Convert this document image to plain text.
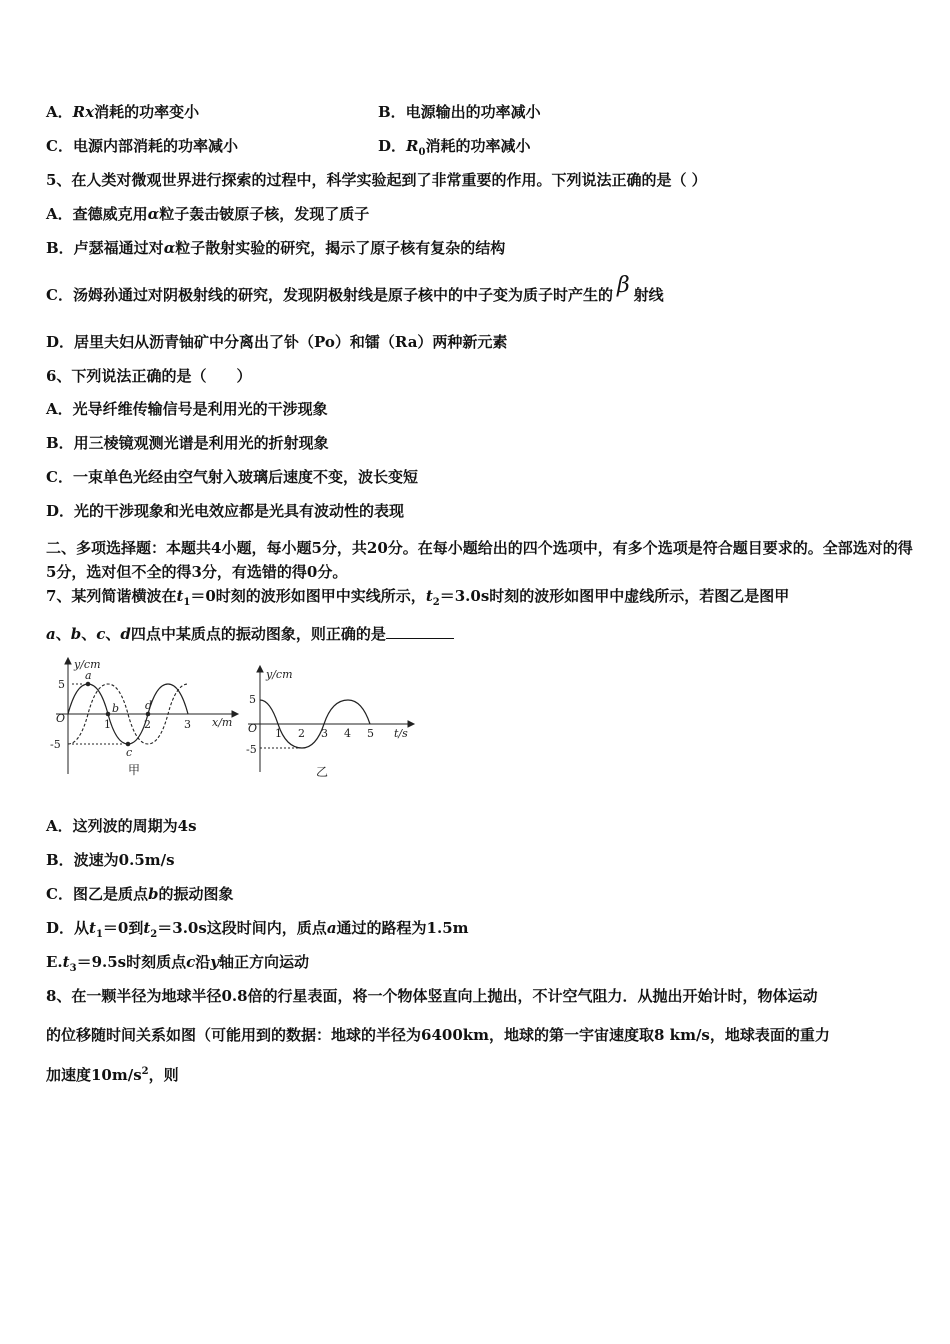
A．Rx消耗的功率变小	B．电源输出的功率减小
C．电源内部消耗的功率减小	D．$R_0$消耗的功率减小
5、在人类对微观世界进行探索的过程中，科学实验起到了非常重要的作用。下列说法正确的是（ ）
A．查德威克用α粒子轰击铍原子核，发现了质子
B．卢瑟福通过对α粒子散射实验的研究，揭示了原子核有复杂的结构
C．汤姆孙通过对阴极射线的研究，发现阴极射线是原子核中的中子变为质子时产生的 β 射线
D．居里夫妇从沥青铀矿中分离出了钋（Po）和镭（Ra）两种新元素
6、下列说法正确的是（　　）
A．光导纤维传输信号是利用光的干涉现象
B．用三棱镜观测光谱是利用光的折射现象
C．一束单色光经由空气射入玻璃后速度不变，波长变短
D．光的干涉现象和光电效应都是光具有波动性的表现
二、多项选择题：本题共4小题，每小题5分，共20分。在每小题给出的四个选项中，有多个选项是符合题目要求的。全部选对的得5分，选对但不全的得3分，有选错的得0分。
7、某列简谐横波在$t_1=0$时刻的波形如图甲中实线所示，$t_2=3.0s$时刻的波形如图甲中虚线所示，若图乙是图甲
a、b、c、d四点中某质点的振动图象，则正确的是
y/cm
5
-5
O	1	2	3 x/m
a
b
c
d
甲
y/cm
5
-5
O 1 2 3 4 5 t/s
乙
A．这列波的周期为4s
B．波速为0.5m/s
C．图乙是质点b的振动图象
D．从$t_1=0$到$t_2=3.0s$这段时间内，质点a通过的路程为1.5m
$E.t_3=9.5s$时刻质点c沿y轴正方向运动
8、在一颗半径为地球半径0.8倍的行星表面，将一个物体竖直向上抛出，不计空气阻力．从抛出开始计时，物体运动
的位移随时间关系如图（可能用到的数据：地球的半径为6400km，地球的第一宇宙速度取8 km/s，地球表面的重力
加速度$10m/s^2$，则
